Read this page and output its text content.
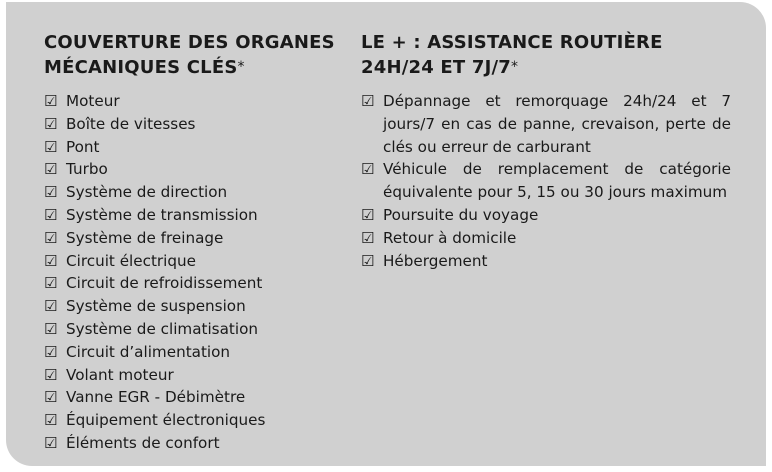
COUVERTURE DES ORGANES
MÉCANIQUES CLÉS*
☑ Moteur
☑ Boîte de vitesses
☑ Pont
☑ Turbo
☑ Système de direction
☑ Système de transmission
☑ Système de freinage
☑ Circuit électrique
☑ Circuit de refroidissement
☑ Système de suspension
☑ Système de climatisation
☑ Circuit d’alimentation
☑ Volant moteur
☑ Vanne EGR - Débimètre
☑ Équipement électroniques
☑ Éléments de confort
LE + : ASSISTANCE ROUTIÈRE
24H/24 ET 7J/7*
☑ Dépannage et remorquage 24h/24 et 7 jours/7 en cas de panne, crevaison, perte de clés ou erreur de carburant
☑ Véhicule de remplacement de catégorie équivalente pour 5, 15 ou 30 jours maximum
☑ Poursuite du voyage
☑ Retour à domicile
☑ Hébergement
